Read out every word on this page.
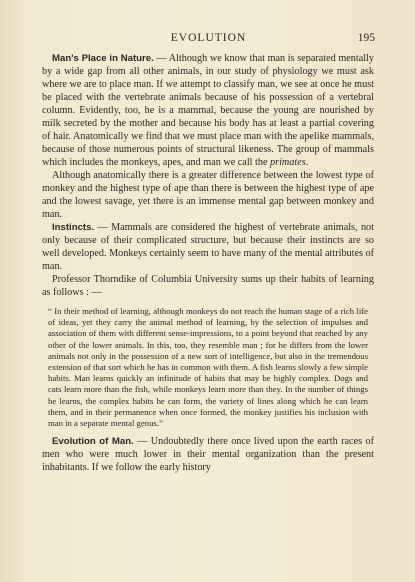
EVOLUTION	195

Man's Place in Nature. — Although we know that man is separated mentally by a wide gap from all other animals, in our study of physiology we must ask where we are to place man. If we attempt to classify man, we see at once he must be placed with the vertebrate animals because of his possession of a vertebral column. Evidently, too, he is a mammal, because the young are nourished by milk secreted by the mother and because his body has at least a partial covering of hair. Anatomically we find that we must place man with the apelike mammals, because of those numerous points of structural likeness. The group of mammals which includes the monkeys, apes, and man we call the primates.

Although anatomically there is a greater difference between the lowest type of monkey and the highest type of ape than there is between the highest type of ape and the lowest savage, yet there is an immense mental gap between monkey and man.

Instincts. — Mammals are considered the highest of vertebrate animals, not only because of their complicated structure, but because their instincts are so well developed. Monkeys certainly seem to have many of the mental attributes of man.

Professor Thorndike of Columbia University sums up their habits of learning as follows : —

“ In their method of learning, although monkeys do not reach the human stage of a rich life of ideas, yet they carry the animal method of learning, by the selection of impulses and association of them with different sense-impressions, to a point beyond that reached by any other of the lower animals. In this, too, they resemble man ; for he differs from the lower animals not only in the possession of a new sort of intelligence, but also in the tremendous extension of that sort which he has in common with them. A fish learns slowly a few simple habits. Man learns quickly an infinitude of habits that may be highly complex. Dogs and cats learn more than the fish, while monkeys learn more than they. In the number of things he learns, the complex habits he can form, the variety of lines along which he can learn them, and in their permanence when once formed, the monkey justifies his inclusion with man in a separate mental genus.”

Evolution of Man. — Undoubtedly there once lived upon the earth races of men who were much lower in their mental organization than the present inhabitants. If we follow the early history
